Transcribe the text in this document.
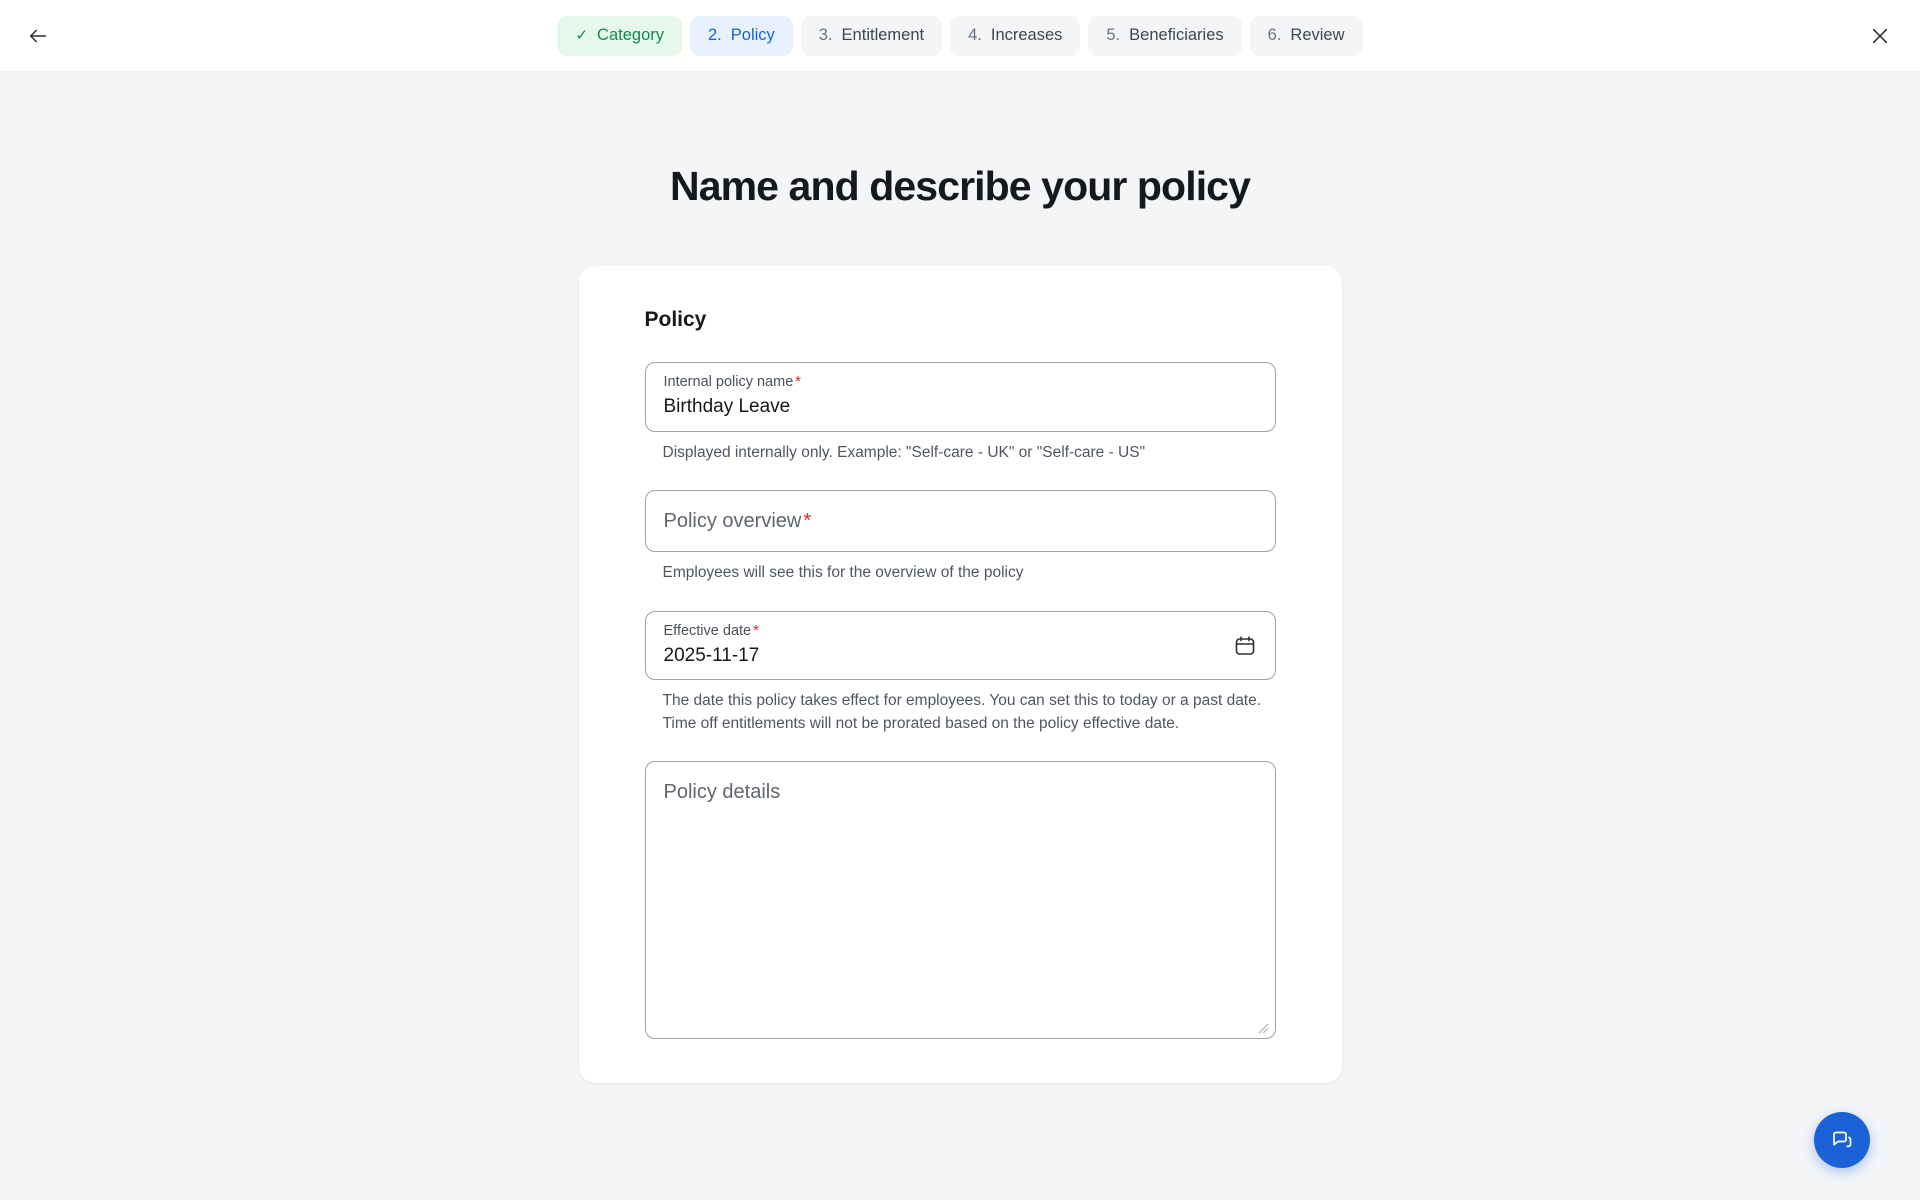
✓ Category	2. Policy	3. Entitlement	4. Increases	5. Beneficiaries	6. Review
Name and describe your policy
Policy
Internal policy name *
Birthday Leave
Displayed internally only. Example: "Self-care - UK" or "Self-care - US"
Policy overview *
Employees will see this for the overview of the policy
Effective date *
2025-11-17
The date this policy takes effect for employees. You can set this to today or a past date. Time off entitlements will not be prorated based on the policy effective date.
Policy details
